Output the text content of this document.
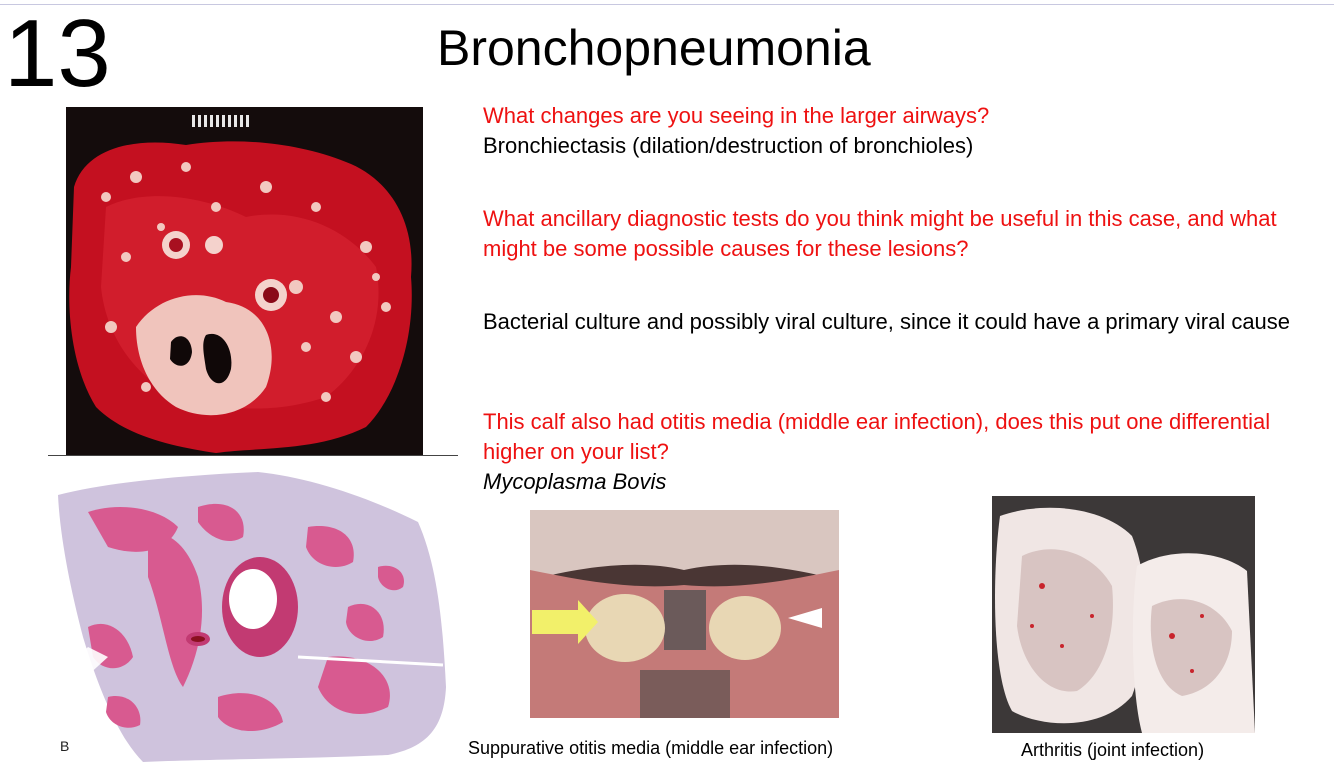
13	Bronchopneumonia
B

What changes are you seeing in the larger airways?

Bronchiectasis (dilation/destruction of bronchioles)

What ancillary diagnostic tests do you think might be useful in this case, and what might be some possible causes for these lesions?

Bacterial culture and possibly viral culture, since it could have a primary viral cause

This calf also had otitis media (middle ear infection), does this put one differential higher on your list?

Mycoplasma Bovis

Suppurative otitis media (middle ear infection)	Arthritis (joint infection)
